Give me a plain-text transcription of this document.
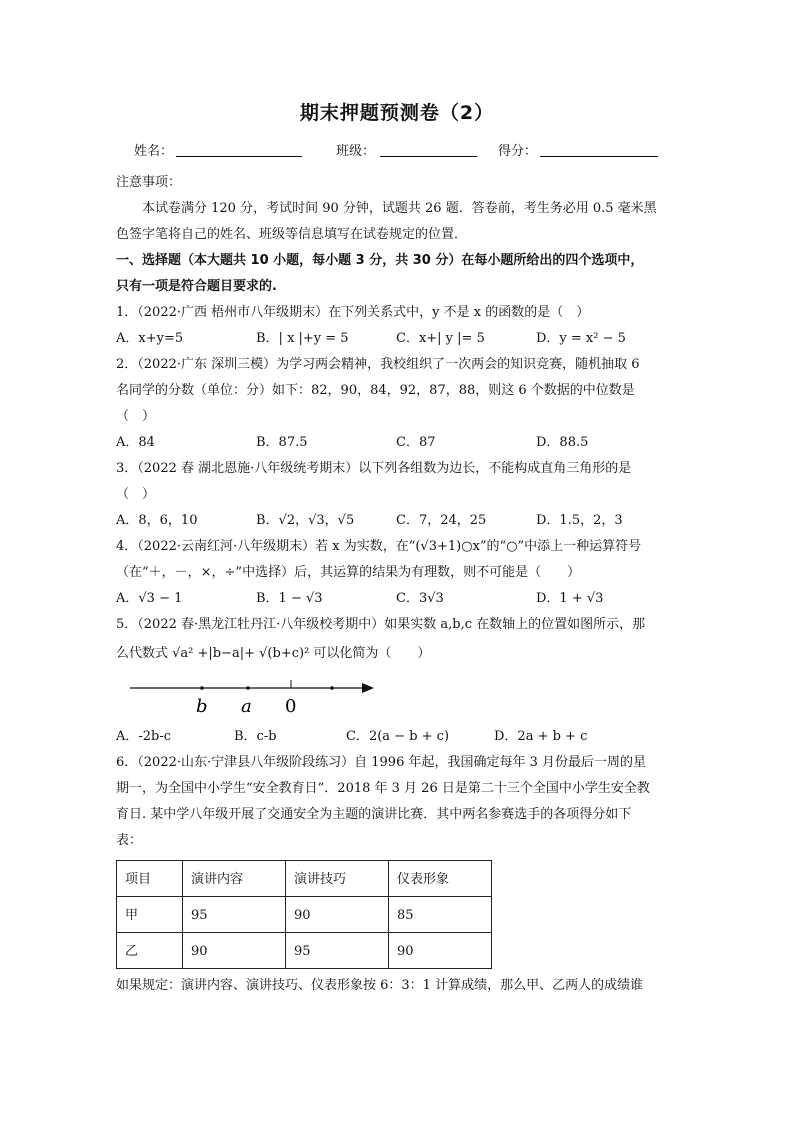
期末押题预测卷（2）
姓名：	班级：	得分：
注意事项：
本试卷满分 120 分，考试时间 90 分钟，试题共 26 题．答卷前，考生务必用 0.5 毫米黑
色签字笔将自己的姓名、班级等信息填写在试卷规定的位置．
一、选择题（本大题共 10 小题，每小题 3 分，共 30 分）在每小题所给出的四个选项中，
只有一项是符合题目要求的.
1．（2022·广西 梧州市八年级期末）在下列关系式中，y 不是 x 的函数的是（　）
A．x+y=5	B．| x |+y = 5	C．x+| y |= 5	D．y = x² − 5
2．（2022·广东 深圳三模）为学习两会精神，我校组织了一次两会的知识竞赛，随机抽取 6
名同学的分数（单位：分）如下：82，90，84，92，87，88，则这 6 个数据的中位数是
（　）
A．84	B．87.5	C．87	D．88.5
3．（2022 春 湖北恩施·八年级统考期末）以下列各组数为边长，不能构成直角三角形的是
（　）
A．8，6，10	B．√2，√3，√5	C．7，24，25	D．1.5，2，3
4．（2022·云南红河·八年级期末）若 x 为实数，在“(√3+1)○x”的“○”中添上一种运算符号
（在“＋，－，×，÷”中选择）后，其运算的结果为有理数，则不可能是（　　）
A．√3 − 1	B．1 − √3	C．3√3	D．1 + √3
5．（2022 春·黑龙江牡丹江·八年级校考期中）如果实数 a,b,c 在数轴上的位置如图所示，那
么代数式 √a² +|b−a|+ √(b+c)² 可以化简为（　　）
b a 0
A．-2b-c	B．c-b	C．2(a − b + c)	D．2a + b + c
6．（2022·山东·宁津县八年级阶段练习）自 1996 年起，我国确定每年 3 月份最后一周的星
期一，为全国中小学生“安全教育日”．2018 年 3 月 26 日是第二十三个全国中小学生安全教
育日. 某中学八年级开展了交通安全为主题的演讲比赛．其中两名参赛选手的各项得分如下
表：
项目	演讲内容	演讲技巧	仪表形象
甲	95	90	85
乙	90	95	90
如果规定：演讲内容、演讲技巧、仪表形象按 6：3：1 计算成绩，那么甲、乙两人的成绩谁
